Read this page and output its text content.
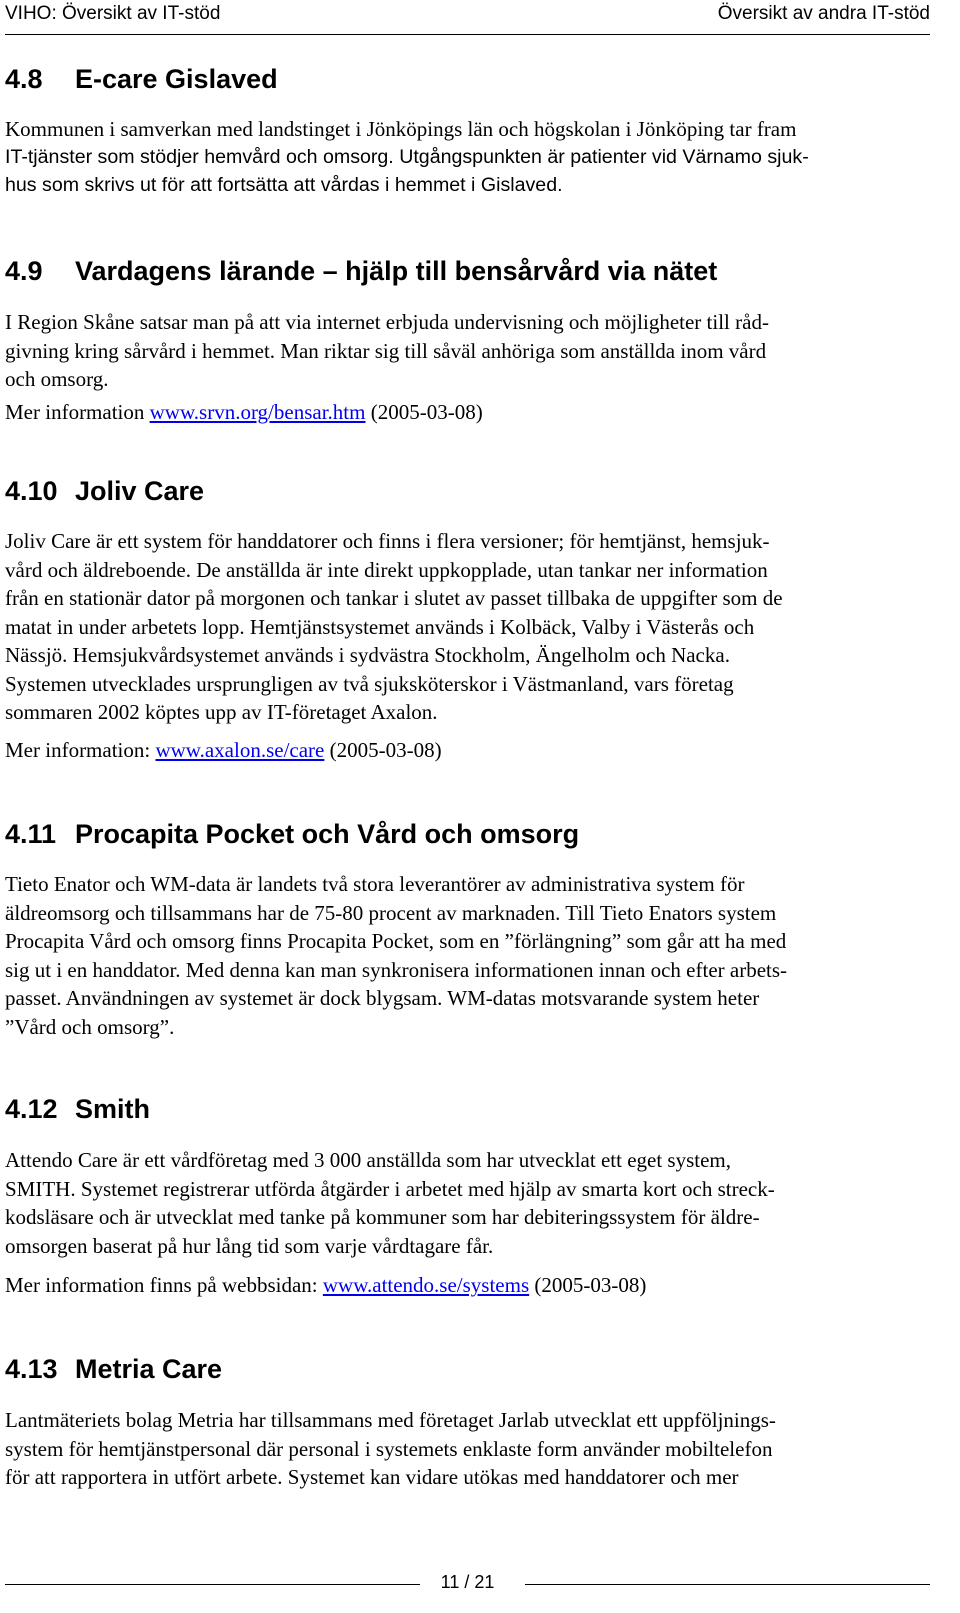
VIHO: Översikt av IT-stöd	Översikt av andra IT-stöd
4.8 E-care Gislaved
Kommunen i samverkan med landstinget i Jönköpings län och högskolan i Jönköping tar fram
IT-tjänster som stödjer hemvård och omsorg. Utgångspunkten är patienter vid Värnamo sjuk-
hus som skrivs ut för att fortsätta att vårdas i hemmet i Gislaved.
4.9 Vardagens lärande – hjälp till bensårvård via nätet
I Region Skåne satsar man på att via internet erbjuda undervisning och möjligheter till råd-
givning kring sårvård i hemmet. Man riktar sig till såväl anhöriga som anställda inom vård
och omsorg.
Mer information www.srvn.org/bensar.htm (2005-03-08)
4.10 Joliv Care
Joliv Care är ett system för handdatorer och finns i flera versioner; för hemtjänst, hemsjuk-
vård och äldreboende. De anställda är inte direkt uppkopplade, utan tankar ner information
från en stationär dator på morgonen och tankar i slutet av passet tillbaka de uppgifter som de
matat in under arbetets lopp. Hemtjänstsystemet används i Kolbäck, Valby i Västerås och
Nässjö. Hemsjukvårdsystemet används i sydvästra Stockholm, Ängelholm och Nacka.
Systemen utvecklades ursprungligen av två sjuksköterskor i Västmanland, vars företag
sommaren 2002 köptes upp av IT-företaget Axalon.
Mer information: www.axalon.se/care (2005-03-08)
4.11 Procapita Pocket och Vård och omsorg
Tieto Enator och WM-data är landets två stora leverantörer av administrativa system för
äldreomsorg och tillsammans har de 75-80 procent av marknaden. Till Tieto Enators system
Procapita Vård och omsorg finns Procapita Pocket, som en ”förlängning” som går att ha med
sig ut i en handdator. Med denna kan man synkronisera informationen innan och efter arbets-
passet. Användningen av systemet är dock blygsam. WM-datas motsvarande system heter
”Vård och omsorg”.
4.12 Smith
Attendo Care är ett vårdföretag med 3 000 anställda som har utvecklat ett eget system,
SMITH. Systemet registrerar utförda åtgärder i arbetet med hjälp av smarta kort och streck-
kodsläsare och är utvecklat med tanke på kommuner som har debiteringssystem för äldre-
omsorgen baserat på hur lång tid som varje vårdtagare får.
Mer information finns på webbsidan: www.attendo.se/systems (2005-03-08)
4.13 Metria Care
Lantmäteriets bolag Metria har tillsammans med företaget Jarlab utvecklat ett uppföljnings-
system för hemtjänstpersonal där personal i systemets enklaste form använder mobiltelefon
för att rapportera in utfört arbete. Systemet kan vidare utökas med handdatorer och mer
11 / 21
